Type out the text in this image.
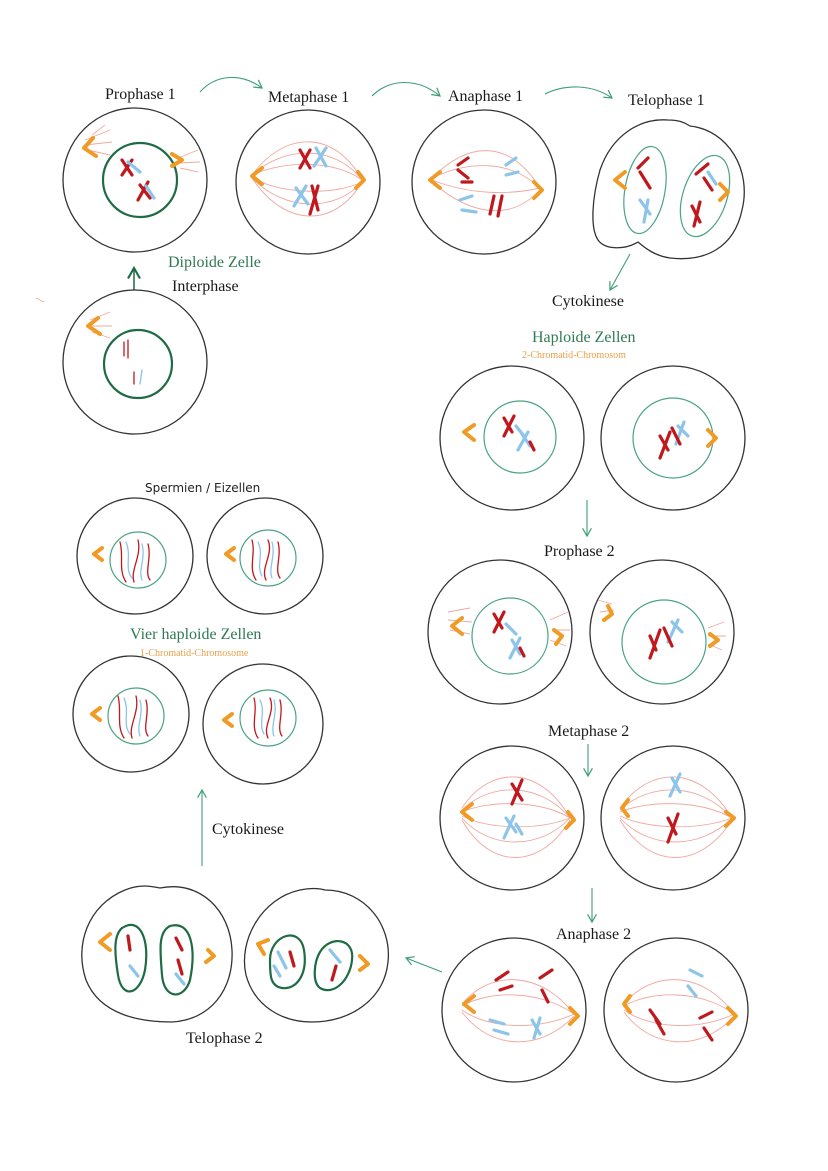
Prophase 1	Metaphase 1	Anaphase 1	Telophase 1
Diploide Zelle
Interphase
Cytokinese
Haploide Zellen
2-Chromatid-Chromosom
Prophase 2
Metaphase 2
Anaphase 2
Telophase 2
Cytokinese
Vier haploide Zellen
1-Chromatid-Chromosome
Spermien / Eizellen
